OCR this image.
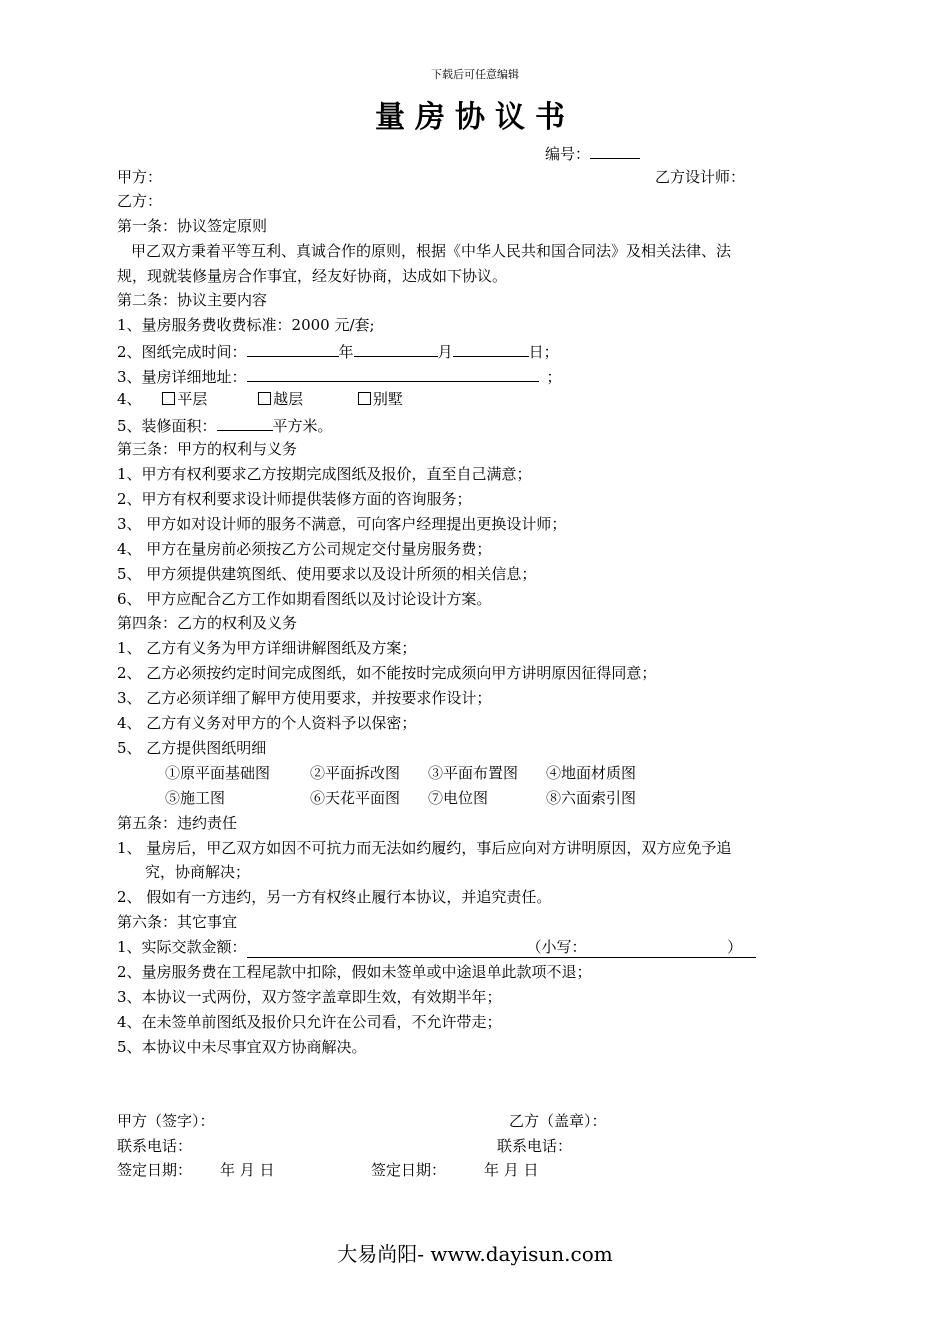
下载后可任意编辑
量房协议书
编号：
甲方：	乙方设计师：
乙方：
第一条：协议签定原则
甲乙双方秉着平等互利、真诚合作的原则，根据《中华人民共和国合同法》及相关法律、法
规，现就装修量房合作事宜，经友好协商，达成如下协议。
第二条：协议主要内容
1、量房服务费收费标准：2000 元/套;
2、图纸完成时间：	年	月	日；
3、量房详细地址：	；
4、 平层	越层	别墅
5、装修面积：	平方米。
第三条：甲方的权利与义务
1、甲方有权利要求乙方按期完成图纸及报价，直至自己满意；
2、甲方有权利要求设计师提供装修方面的咨询服务；
3、 甲方如对设计师的服务不满意，可向客户经理提出更换设计师；
4、 甲方在量房前必须按乙方公司规定交付量房服务费；
5、 甲方须提供建筑图纸、使用要求以及设计所须的相关信息；
6、 甲方应配合乙方工作如期看图纸以及讨论设计方案。
第四条：乙方的权利及义务
1、 乙方有义务为甲方详细讲解图纸及方案；
2、 乙方必须按约定时间完成图纸，如不能按时完成须向甲方讲明原因征得同意；
3、 乙方必须详细了解甲方使用要求，并按要求作设计；
4、 乙方有义务对甲方的个人资料予以保密；
5、 乙方提供图纸明细
①原平面基础图	②平面拆改图 ③平面布置图 ④地面材质图
⑤施工图	⑥天花平面图 ⑦电位图	⑧六面索引图
第五条：违约责任
1、 量房后，甲乙双方如因不可抗力而无法如约履约，事后应向对方讲明原因，双方应免予追
究，协商解决；
2、 假如有一方违约，另一方有权终止履行本协议，并追究责任。
第六条：其它事宜
1、实际交款金额：	（小写：	）
2、量房服务费在工程尾款中扣除，假如未签单或中途退单此款项不退；
3、本协议一式两份，双方签字盖章即生效，有效期半年；
4、在未签单前图纸及报价只允许在公司看，不允许带走；
5、本协议中未尽事宜双方协商解决。
甲方（签字）：	乙方（盖章）：
联系电话：	联系电话：
签定日期： 年 月 日	签定日期：	年 月 日
大易尚阳- www.dayisun.com
